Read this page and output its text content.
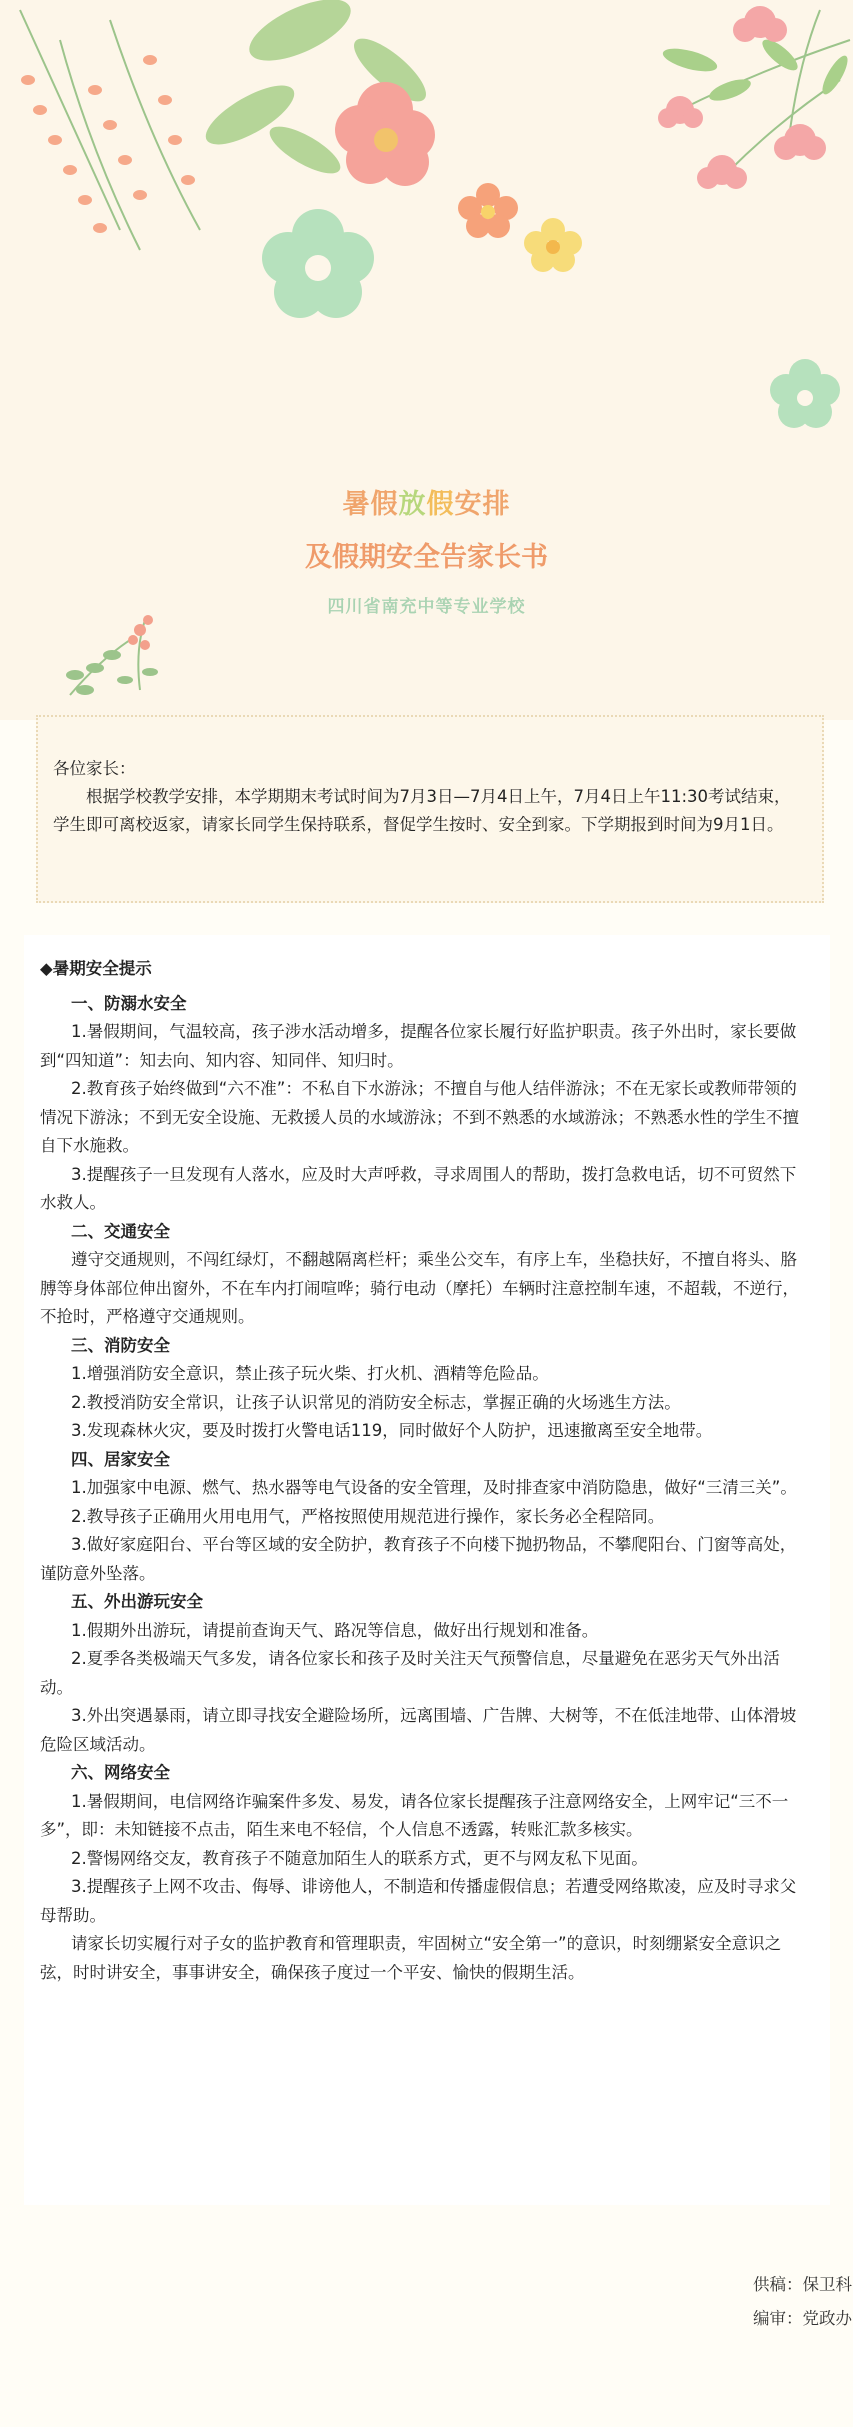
暑假放假安排
及假期安全告家长书
四川省南充中等专业学校
各位家长：

根据学校教学安排，本学期期末考试时间为7月3日—7月4日上午，7月4日上午11:30考试结束，学生即可离校返家，请家长同学生保持联系，督促学生按时、安全到家。下学期报到时间为9月1日。

◆暑期安全提示
一、防溺水安全

1.暑假期间，气温较高，孩子涉水活动增多，提醒各位家长履行好监护职责。孩子外出时，家长要做到“四知道”：知去向、知内容、知同伴、知归时。

2.教育孩子始终做到“六不准”：不私自下水游泳；不擅自与他人结伴游泳；不在无家长或教师带领的情况下游泳；不到无安全设施、无救援人员的水域游泳；不到不熟悉的水域游泳；不熟悉水性的学生不擅自下水施救。

3.提醒孩子一旦发现有人落水，应及时大声呼救，寻求周围人的帮助，拨打急救电话，切不可贸然下水救人。

二、交通安全

遵守交通规则，不闯红绿灯，不翻越隔离栏杆；乘坐公交车，有序上车，坐稳扶好，不擅自将头、胳膊等身体部位伸出窗外，不在车内打闹喧哗；骑行电动（摩托）车辆时注意控制车速，不超载，不逆行，不抢时，严格遵守交通规则。

三、消防安全

1.增强消防安全意识，禁止孩子玩火柴、打火机、酒精等危险品。

2.教授消防安全常识，让孩子认识常见的消防安全标志，掌握正确的火场逃生方法。

3.发现森林火灾，要及时拨打火警电话119，同时做好个人防护，迅速撤离至安全地带。

四、居家安全

1.加强家中电源、燃气、热水器等电气设备的安全管理，及时排查家中消防隐患，做好“三清三关”。

2.教导孩子正确用火用电用气，严格按照使用规范进行操作，家长务必全程陪同。

3.做好家庭阳台、平台等区域的安全防护，教育孩子不向楼下抛扔物品，不攀爬阳台、门窗等高处，谨防意外坠落。

五、外出游玩安全

1.假期外出游玩，请提前查询天气、路况等信息，做好出行规划和准备。

2.夏季各类极端天气多发，请各位家长和孩子及时关注天气预警信息，尽量避免在恶劣天气外出活动。

3.外出突遇暴雨，请立即寻找安全避险场所，远离围墙、广告牌、大树等，不在低洼地带、山体滑坡危险区域活动。

六、网络安全

1.暑假期间，电信网络诈骗案件多发、易发，请各位家长提醒孩子注意网络安全，上网牢记“三不一多”，即：未知链接不点击，陌生来电不轻信，个人信息不透露，转账汇款多核实。

2.警惕网络交友，教育孩子不随意加陌生人的联系方式，更不与网友私下见面。

3.提醒孩子上网不攻击、侮辱、诽谤他人，不制造和传播虚假信息；若遭受网络欺凌，应及时寻求父母帮助。

请家长切实履行对子女的监护教育和管理职责，牢固树立“安全第一”的意识，时刻绷紧安全意识之弦，时时讲安全，事事讲安全，确保孩子度过一个平安、愉快的假期生活。

供稿：保卫科
编审：党政办
